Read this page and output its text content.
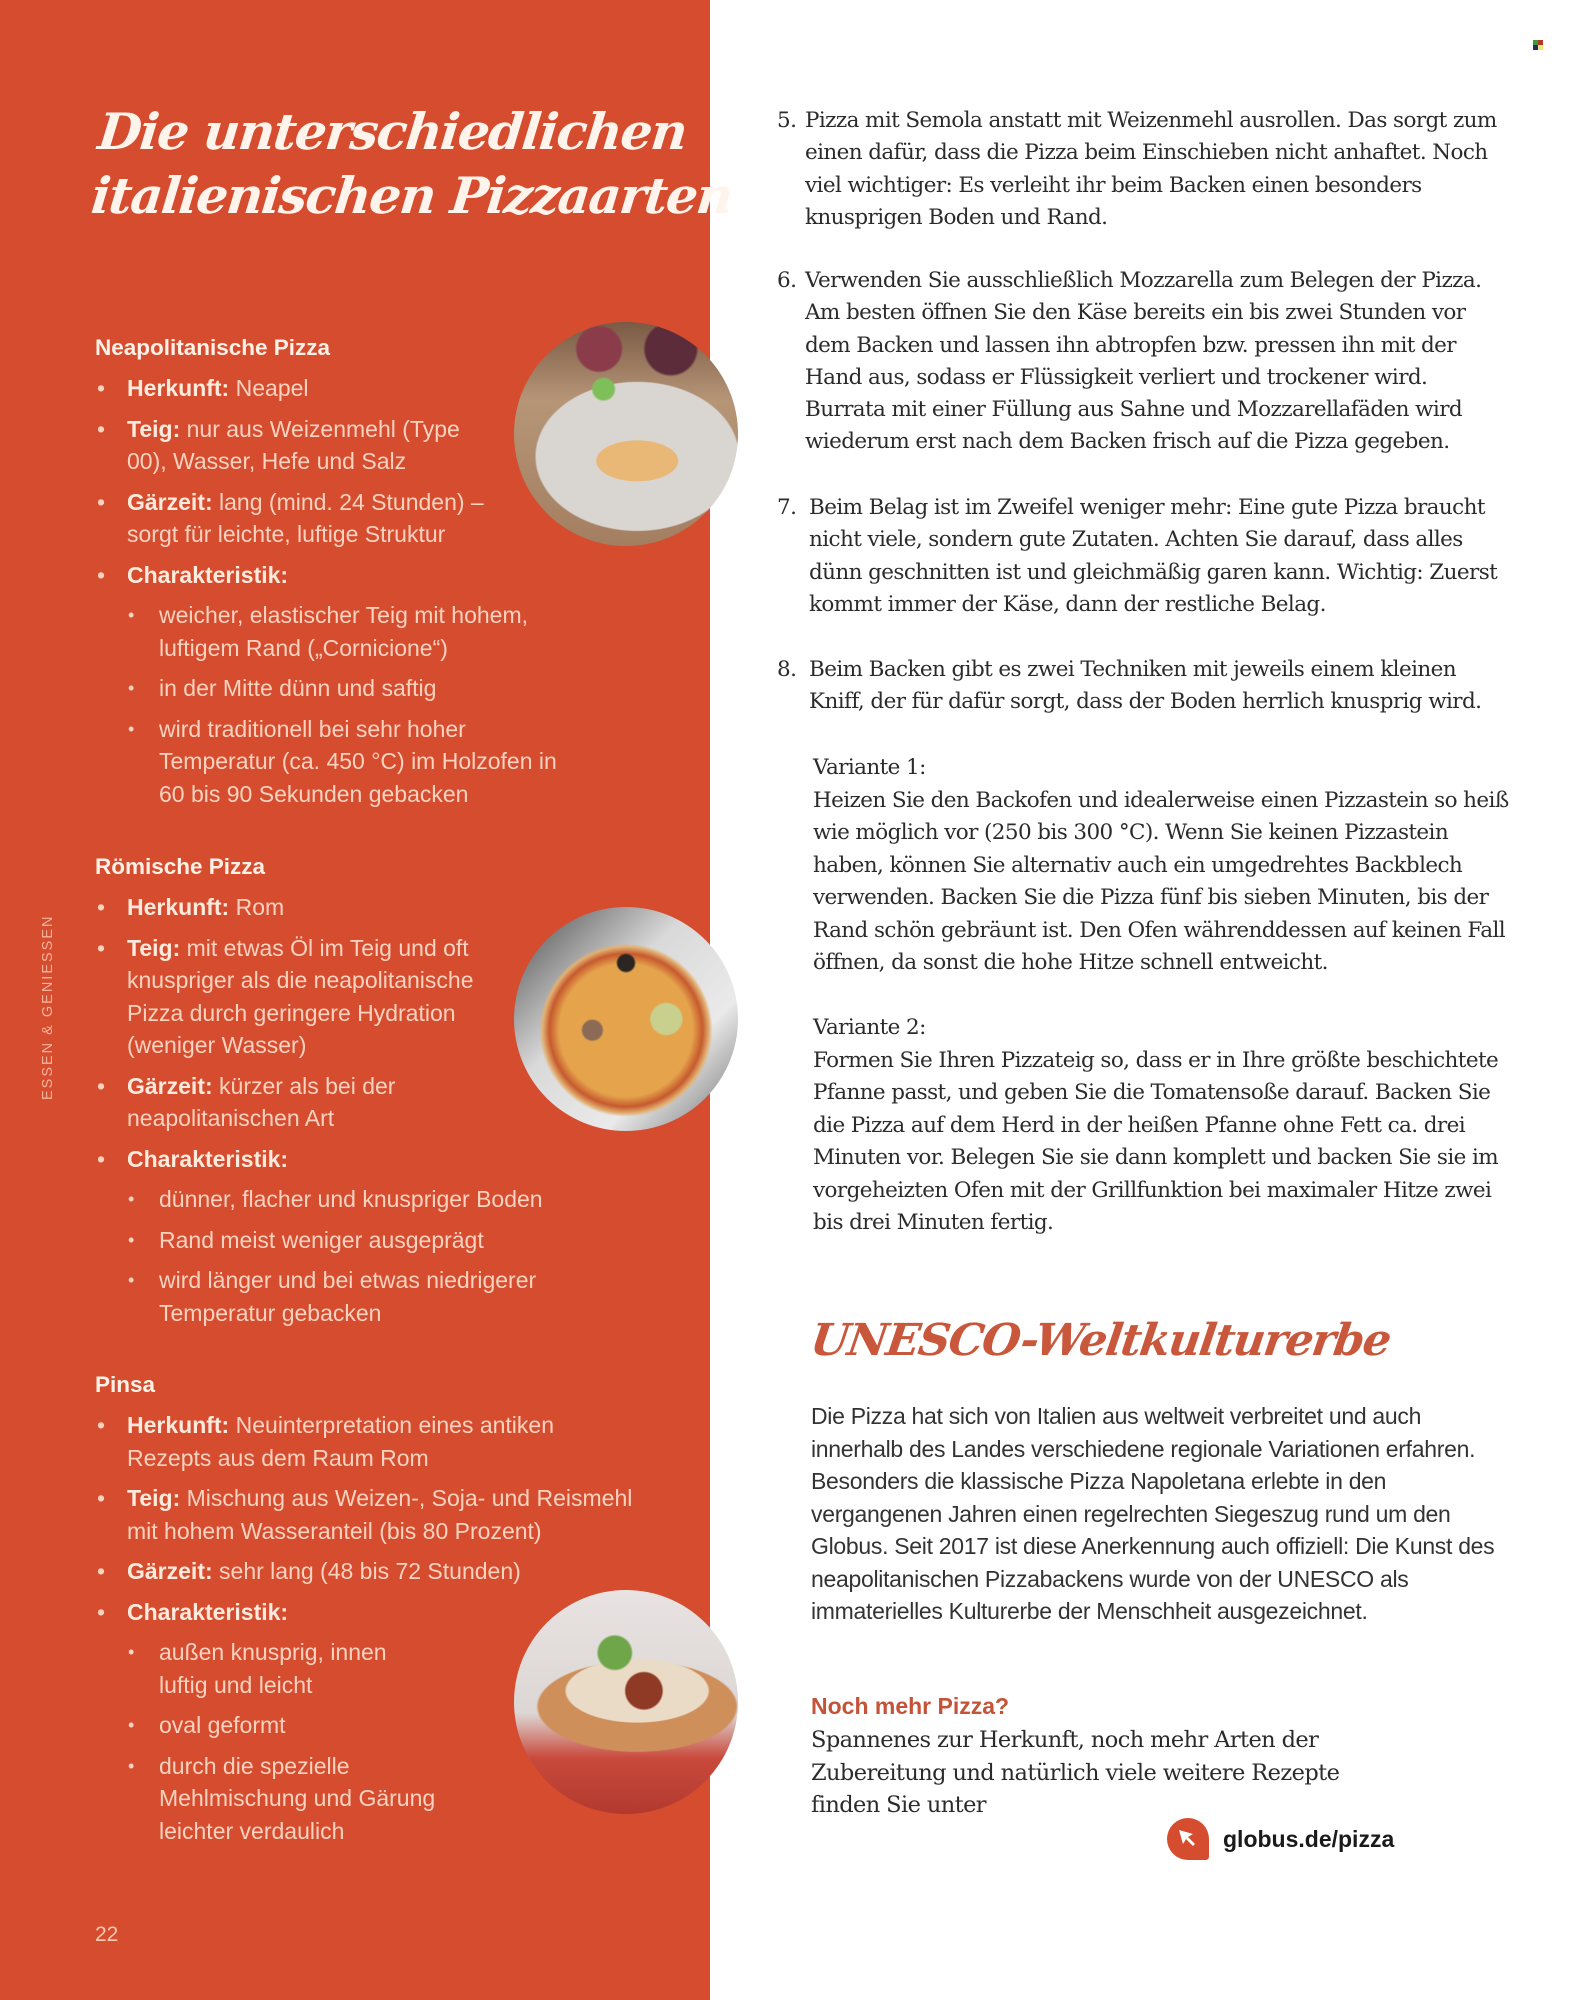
Die unterschiedlichen
italienischen Pizzaarten
Neapolitanische Pizza
• Herkunft: Neapel
• Teig: nur aus Weizenmehl (Type 00), Wasser, Hefe und Salz
• Gärzeit: lang (mind. 24 Stunden) – sorgt für leichte, luftige Struktur
• Charakteristik:
• weicher, elastischer Teig mit hohem, luftigem Rand („Cornicione“)
• in der Mitte dünn und saftig
• wird traditionell bei sehr hoher Temperatur (ca. 450 °C) im Holzofen in 60 bis 90 Sekunden gebacken
Römische Pizza
• Herkunft: Rom
• Teig: mit etwas Öl im Teig und oft knuspriger als die neapolitanische Pizza durch geringere Hydration (weniger Wasser)
• Gärzeit: kürzer als bei der neapolitanischen Art
• Charakteristik:
• dünner, flacher und knuspriger Boden
• Rand meist weniger ausgeprägt
• wird länger und bei etwas niedrigerer Temperatur gebacken
Pinsa
• Herkunft: Neuinterpretation eines antiken Rezepts aus dem Raum Rom
• Teig: Mischung aus Weizen-, Soja- und Reismehl mit hohem Wasseranteil (bis 80 Prozent)
• Gärzeit: sehr lang (48 bis 72 Stunden)
• Charakteristik:
• außen knusprig, innen luftig und leicht
• oval geformt
• durch die spezielle Mehlmischung und Gärung leichter verdaulich
ESSEN & GENIESSEN
22
5. Pizza mit Semola anstatt mit Weizenmehl ausrollen. Das sorgt zum einen dafür, dass die Pizza beim Einschieben nicht anhaftet. Noch viel wichtiger: Es verleiht ihr beim Backen einen besonders knusprigen Boden und Rand.
6. Verwenden Sie ausschließlich Mozzarella zum Belegen der Pizza. Am besten öffnen Sie den Käse bereits ein bis zwei Stunden vor dem Backen und lassen ihn abtropfen bzw. pressen ihn mit der Hand aus, sodass er Flüssigkeit verliert und trockener wird. Burrata mit einer Füllung aus Sahne und Mozzarellafäden wird wiederum erst nach dem Backen frisch auf die Pizza gegeben.
7. Beim Belag ist im Zweifel weniger mehr: Eine gute Pizza braucht nicht viele, sondern gute Zutaten. Achten Sie darauf, dass alles dünn geschnitten ist und gleichmäßig garen kann. Wichtig: Zuerst kommt immer der Käse, dann der restliche Belag.
8. Beim Backen gibt es zwei Techniken mit jeweils einem kleinen Kniff, der für dafür sorgt, dass der Boden herrlich knusprig wird.
Variante 1:
Heizen Sie den Backofen und idealerweise einen Pizzastein so heiß wie möglich vor (250 bis 300 °C). Wenn Sie keinen Pizzastein haben, können Sie alternativ auch ein umgedrehtes Backblech verwenden. Backen Sie die Pizza fünf bis sieben Minuten, bis der Rand schön gebräunt ist. Den Ofen währenddessen auf keinen Fall öffnen, da sonst die hohe Hitze schnell entweicht.
Variante 2:
Formen Sie Ihren Pizzateig so, dass er in Ihre größte beschichtete Pfanne passt, und geben Sie die Tomatensoße darauf. Backen Sie die Pizza auf dem Herd in der heißen Pfanne ohne Fett ca. drei Minuten vor. Belegen Sie sie dann komplett und backen Sie sie im vorgeheizten Ofen mit der Grillfunktion bei maximaler Hitze zwei bis drei Minuten fertig.
UNESCO-Weltkulturerbe

Die Pizza hat sich von Italien aus weltweit verbreitet und auch innerhalb des Landes verschiedene regionale Variationen erfahren. Besonders die klassische Pizza Napoletana erlebte in den vergangenen Jahren einen regelrechten Siegeszug rund um den Globus. Seit 2017 ist diese Anerkennung auch offiziell: Die Kunst des neapolitanischen Pizzabackens wurde von der UNESCO als immaterielles Kulturerbe der Menschheit ausgezeichnet.

Noch mehr Pizza?

Spannenes zur Herkunft, noch mehr Arten der Zubereitung und natürlich viele weitere Rezepte finden Sie unter

globus.de/pizza
